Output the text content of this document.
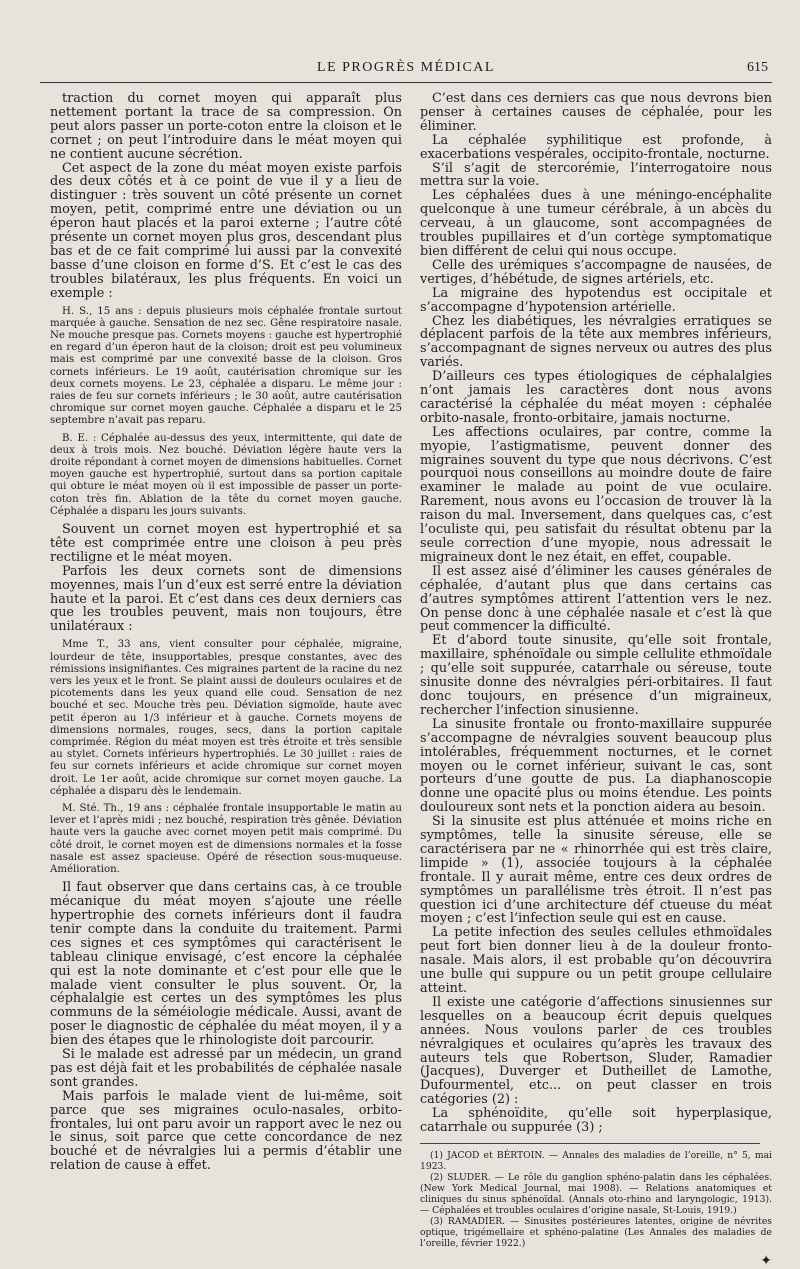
LE PROGRÈS MÉDICAL	615

traction du cornet moyen qui apparaît plus nettement portant la trace de sa compression. On peut alors passer un porte-coton entre la cloison et le cornet ; on peut l’introduire dans le méat moyen qui ne contient aucune sécrétion.

Cet aspect de la zone du méat moyen existe parfois des deux côtés et à ce point de vue il y a lieu de distinguer : très souvent un côté présente un cornet moyen, petit, comprimé entre une déviation ou un éperon haut placés et la paroi externe ; l’autre côté présente un cornet moyen plus gros, descendant plus bas et de ce fait comprimé lui aussi par la convexité basse d’une cloison en forme d’S. Et c’est le cas des troubles bilatéraux, les plus fréquents. En voici un exemple :

H. S., 15 ans : depuis plusieurs mois céphalée frontale surtout marquée à gauche. Sensation de nez sec. Gêne respiratoire nasale. Ne mouche presque pas. Cornets moyens : gauche est hypertrophié en regard d’un éperon haut de la cloison; droit est peu volumineux mais est comprimé par une convexité basse de la cloison. Gros cornets inférieurs. Le 19 août, cautérisation chromique sur les deux cornets moyens. Le 23, céphalée a disparu. Le même jour : raies de feu sur cornets inférieurs ; le 30 août, autre cautérisation chromique sur cornet moyen gauche. Céphalée a disparu et le 25 septembre n’avait pas reparu.

B. E. : Céphalée au-dessus des yeux, intermittente, qui date de deux à trois mois. Nez bouché. Déviation légère haute vers la droite répondant à cornet moyen de dimensions habituelles. Cornet moyen gauche est hypertrophié, surtout dans sa portion capitale qui obture le méat moyen où il est impossible de passer un porte-coton très fin. Ablation de la tête du cornet moyen gauche. Céphalée a disparu les jours suivants.

Souvent un cornet moyen est hypertrophié et sa tête est comprimée entre une cloison à peu près rectiligne et le méat moyen.

Parfois les deux cornets sont de dimensions moyennes, mais l’un d’eux est serré entre la déviation haute et la paroi. Et c’est dans ces deux derniers cas que les troubles peuvent, mais non toujours, être unilatéraux :

Mme T., 33 ans, vient consulter pour céphalée, migraine, lourdeur de tête, insupportables, presque constantes, avec des rémissions insignifiantes. Ces migraines partent de la racine du nez vers les yeux et le front. Se plaint aussi de douleurs oculaires et de picotements dans les yeux quand elle coud. Sensation de nez bouché et sec. Mouche très peu. Déviation sigmoïde, haute avec petit éperon au 1/3 inférieur et à gauche. Cornets moyens de dimensions normales, rouges, secs, dans la portion capitale comprimée. Région du méat moyen est très étroite et très sensible au stylet. Cornets inférieurs hypertrophiés. Le 30 juillet : raies de feu sur cornets inférieurs et acide chromique sur cornet moyen droit. Le 1er août, acide chromique sur cornet moyen gauche. La céphalée a disparu dès le lendemain.

M. Sté. Th., 19 ans : céphalée frontale insupportable le matin au lever et l’après midi ; nez bouché, respiration très gênée. Déviation haute vers la gauche avec cornet moyen petit mais comprimé. Du côté droit, le cornet moyen est de dimensions normales et la fosse nasale est assez spacieuse. Opéré de résection sous-muqueuse. Amélioration.

Il faut observer que dans certains cas, à ce trouble mécanique du méat moyen s’ajoute une réelle hypertrophie des cornets inférieurs dont il faudra tenir compte dans la conduite du traitement. Parmi ces signes et ces symptômes qui caractérisent le tableau clinique envisagé, c’est encore la céphalée qui est la note dominante et c’est pour elle que le malade vient consulter le plus souvent. Or, la céphalalgie est certes un des symptômes les plus communs de la séméiologie médicale. Aussi, avant de poser le diagnostic de céphalée du méat moyen, il y a bien des étapes que le rhinologiste doit parcourir.

Si le malade est adressé par un médecin, un grand pas est déjà fait et les probabilités de céphalée nasale sont grandes.

Mais parfois le malade vient de lui-même, soit parce que ses migraines oculo-nasales, orbito-frontales, lui ont paru avoir un rapport avec le nez ou le sinus, soit parce que cette concordance de nez bouché et de névralgies lui a permis d’établir une relation de cause à effet.

C’est dans ces derniers cas que nous devrons bien penser à certaines causes de céphalée, pour les éliminer.

La céphalée syphilitique est profonde, à exacerbations vespérales, occipito-frontale, nocturne.

S’il s’agit de stercorémie, l’interrogatoire nous mettra sur la voie.

Les céphalées dues à une méningo-encéphalite quelconque à une tumeur cérébrale, à un abcès du cerveau, à un glaucome, sont accompagnées de troubles pupillaires et d’un cortège symptomatique bien différent de celui qui nous occupe.

Celle des urémiques s’accompagne de nausées, de vertiges, d’hébétude, de signes artériels, etc.

La migraine des hypotendus est occipitale et s’accompagne d’hypotension artérielle.

Chez les diabétiques, les névralgies erratiques se déplacent parfois de la tête aux membres inférieurs, s’accompagnant de signes nerveux ou autres des plus variés.

D’ailleurs ces types étiologiques de céphalalgies n’ont jamais les caractères dont nous avons caractérisé la céphalée du méat moyen : céphalée orbito-nasale, fronto-orbitaire, jamais nocturne.

Les affections oculaires, par contre, comme la myopie, l’astigmatisme, peuvent donner des migraines souvent du type que nous décrivons. C’est pourquoi nous conseillons au moindre doute de faire examiner le malade au point de vue oculaire. Rarement, nous avons eu l’occasion de trouver là la raison du mal. Inversement, dans quelques cas, c’est l’oculiste qui, peu satisfait du résultat obtenu par la seule correction d’une myopie, nous adressait le migraineux dont le nez était, en effet, coupable.

Il est assez aisé d’éliminer les causes générales de céphalée, d’autant plus que dans certains cas d’autres symptômes attirent l’attention vers le nez. On pense donc à une céphalée nasale et c’est là que peut commencer la difficulté.

Et d’abord toute sinusite, qu’elle soit frontale, maxillaire, sphénoïdale ou simple cellulite ethmoïdale ; qu’elle soit suppurée, catarrhale ou séreuse, toute sinusite donne des névralgies péri-orbitaires. Il faut donc toujours, en présence d’un migraineux, rechercher l’infection sinusienne.

La sinusite frontale ou fronto-maxillaire suppurée s’accompagne de névralgies souvent beaucoup plus intolérables, fréquemment nocturnes, et le cornet moyen ou le cornet inférieur, suivant le cas, sont porteurs d’une goutte de pus. La diaphanoscopie donne une opacité plus ou moins étendue. Les points douloureux sont nets et la ponction aidera au besoin.

Si la sinusite est plus atténuée et moins riche en symptômes, telle la sinusite séreuse, elle se caractérisera par ne « rhinorrhée qui est très claire, limpide » (1), associée toujours à la céphalée frontale. Il y aurait même, entre ces deux ordres de symptômes un parallélisme très étroit. Il n’est pas question ici d’une architecture déf ctueuse du méat moyen ; c’est l’infection seule qui est en cause.

La petite infection des seules cellules ethmoïdales peut fort bien donner lieu à de la douleur fronto-nasale. Mais alors, il est probable qu’on découvrira une bulle qui suppure ou un petit groupe cellulaire atteint.

Il existe une catégorie d’affections sinusiennes sur lesquelles on a beaucoup écrit depuis quelques années. Nous voulons parler de ces troubles névralgiques et oculaires qu’après les travaux des auteurs tels que Robertson, Sluder, Ramadier (Jacques), Duverger et Dutheillet de Lamothe, Dufourmentel, etc... on peut classer en trois catégories (2) :

La sphénoïdite, qu’elle soit hyperplasique, catarrhale ou suppurée (3) ;

(1) JACOD et BÉRTOIN. — Annales des maladies de l’oreille, n° 5, mai 1923.

(2) SLUDER. — Le rôle du ganglion sphéno-palatin dans les céphalées. (New York Medical Journal, mai 1908). — Relations anatomiques et cliniques du sinus sphénoïdal. (Annals oto-rhino and laryngologic, 1913). — Céphalées et troubles oculaires d’origine nasale, St-Louis, 1919.)

(3) RAMADIER. — Sinusites postérieures latentes, origine de névrites optique, trigémellaire et sphéno-palatine (Les Annales des maladies de l’oreille, février 1922.)

✦
